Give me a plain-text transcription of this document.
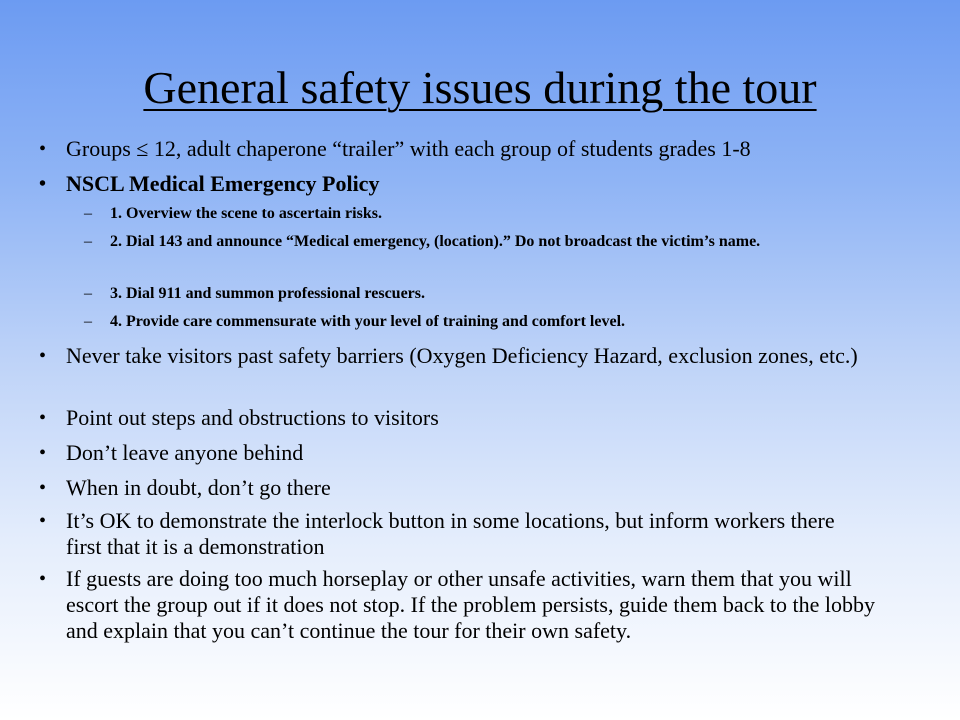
General safety issues during the tour
• Groups ≤ 12, adult chaperone “trailer” with each group of students grades 1-8
• NSCL Medical Emergency Policy
– 1. Overview the scene to ascertain risks.
– 2. Dial 143 and announce “Medical emergency, (location).” Do not broadcast the victim’s name.
– 3. Dial 911 and summon professional rescuers.
– 4. Provide care commensurate with your level of training and comfort level.
• Never take visitors past safety barriers (Oxygen Deficiency Hazard, exclusion zones, etc.)
• Point out steps and obstructions to visitors
• Don’t leave anyone behind
• When in doubt, don’t go there
• It’s OK to demonstrate the interlock button in some locations, but inform workers there first that it is a demonstration
• If guests are doing too much horseplay or other unsafe activities, warn them that you will escort the group out if it does not stop. If the problem persists, guide them back to the lobby and explain that you can’t continue the tour for their own safety.
